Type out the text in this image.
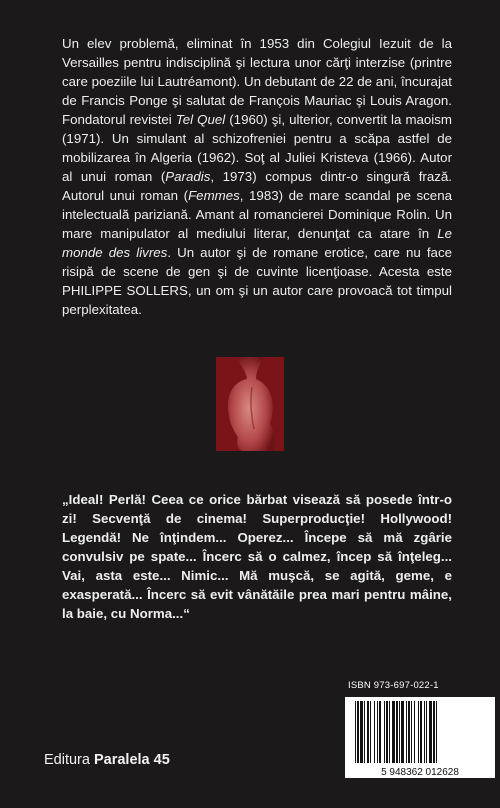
Un elev problemă, eliminat în 1953 din Colegiul Iezuit de la Versailles pentru indisciplină şi lectura unor cărţi interzise (printre care poeziile lui Lautréamont). Un debutant de 22 de ani, încurajat de Francis Ponge şi salutat de François Mauriac şi Louis Aragon. Fondatorul revistei Tel Quel (1960) şi, ulterior, convertit la maoism (1971). Un simulant al schizofreniei pentru a scăpa astfel de mobilizarea în Algeria (1962). Soţ al Juliei Kristeva (1966). Autor al unui roman (Paradis, 1973) compus dintr-o singură frază. Autorul unui roman (Femmes, 1983) de mare scandal pe scena intelectuală pariziană. Amant al romancierei Dominique Rolin. Un mare manipulator al mediului literar, denunţat ca atare în Le monde des livres. Un autor şi de romane erotice, care nu face risipă de scene de gen şi de cuvinte licenţioase. Acesta este PHILIPPE SOLLERS, un om şi un autor care provoacă tot timpul perplexitatea.

„Ideal! Perlă! Ceea ce orice bărbat visează să posede într-o zi! Secvenţă de cinema! Superproducţie! Hollywood! Legendă! Ne înţindem... Operez... Începe să mă zgârie convulsiv pe spate... Încerc să o calmez, încep să înţeleg... Vai, asta este... Nimic... Mă muşcă, se agită, geme, e exasperată... Încerc să evit vânătăile prea mari pentru mâine, la baie, cu Norma...“

ISBN 973-697-022-1
5 948362 012628
Editura Paralela 45
